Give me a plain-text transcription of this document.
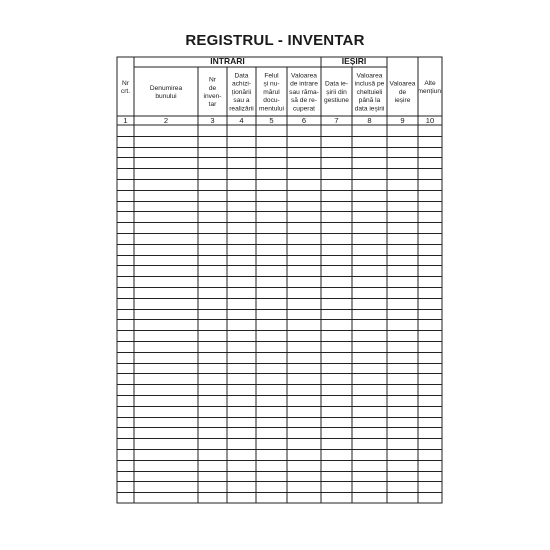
REGISTRUL - INVENTAR
INTRĂRI	IEȘIRI
Nr
crt.
1
Denumirea
bunului
2
Nr
de
inven-
tar
3
Data
achizi-
ționării
sau a
realizării
4
Felul
și nu-
mărul
docu-
mentului
5
Valoarea
de intrare
sau răma-
să de re-
cuperat
6
Data ie-
șirii din
gestiune
7
Valoarea
inclusă pe
cheltuieli
până la
data ieșirii
8
Valoarea
de
ieșire
9
Alte
mențiuni
10
